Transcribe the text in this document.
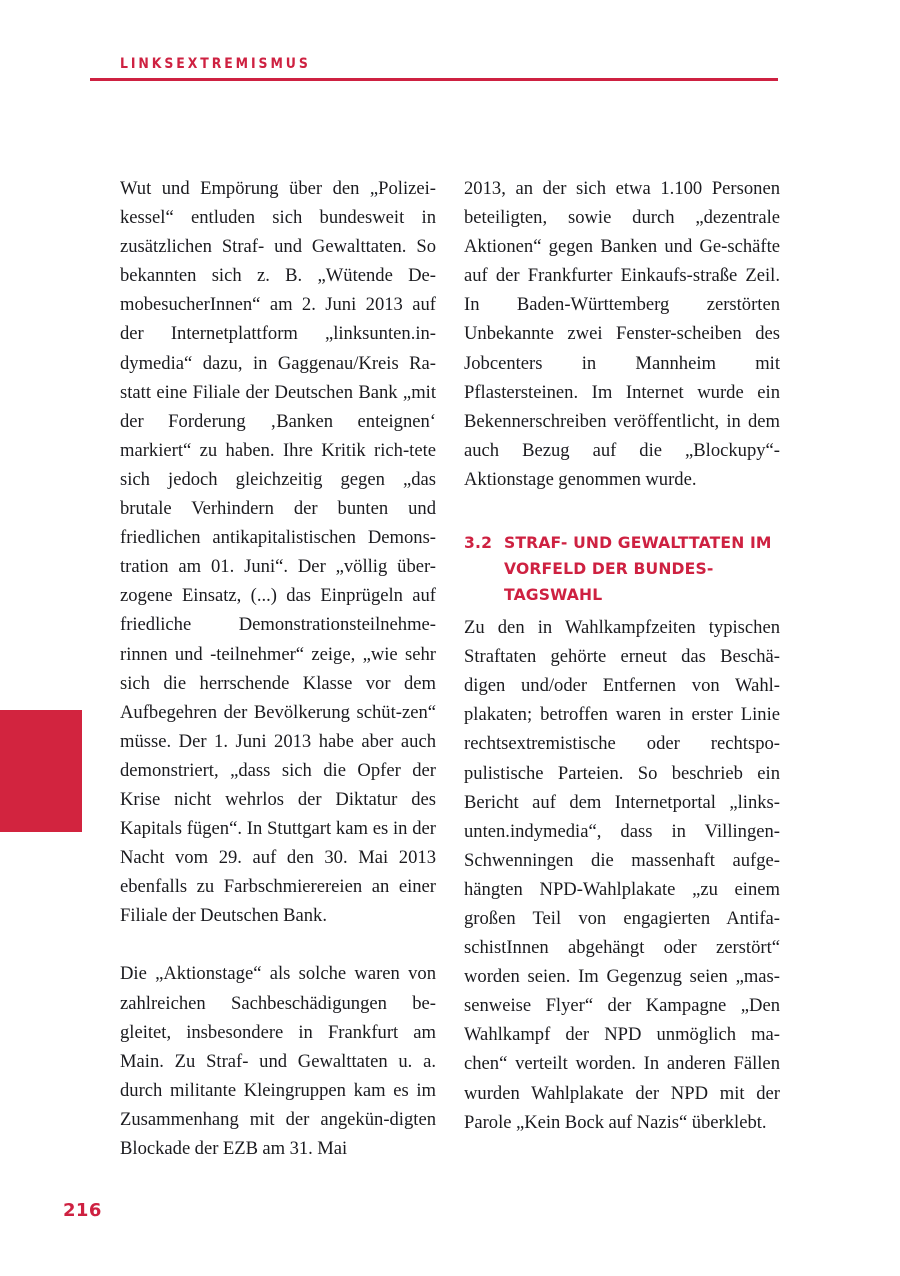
LINKSEXTREMISMUS

Wut und Empörung über den „Polizei-kessel“ entluden sich bundesweit in zusätzlichen Straf- und Gewalttaten. So bekannten sich z. B. „Wütende De-mobesucherInnen“ am 2. Juni 2013 auf der Internetplattform „linksunten.in-dymedia“ dazu, in Gaggenau/Kreis Ra-statt eine Filiale der Deutschen Bank „mit der Forderung ‚Banken enteignen‘ markiert“ zu haben. Ihre Kritik rich-tete sich jedoch gleichzeitig gegen „das brutale Verhindern der bunten und friedlichen antikapitalistischen Demons-tration am 01. Juni“. Der „völlig über-zogene Einsatz, (...) das Einprügeln auf friedliche Demonstrationsteilnehme-rinnen und -teilnehmer“ zeige, „wie sehr sich die herrschende Klasse vor dem Aufbegehren der Bevölkerung schüt-zen“ müsse. Der 1. Juni 2013 habe aber auch demonstriert, „dass sich die Opfer der Krise nicht wehrlos der Diktatur des Kapitals fügen“. In Stuttgart kam es in der Nacht vom 29. auf den 30. Mai 2013 ebenfalls zu Farbschmierereien an einer Filiale der Deutschen Bank.

Die „Aktionstage“ als solche waren von zahlreichen Sachbeschädigungen be-gleitet, insbesondere in Frankfurt am Main. Zu Straf- und Gewalttaten u. a. durch militante Kleingruppen kam es im Zusammenhang mit der angekün-digten Blockade der EZB am 31. Mai

2013, an der sich etwa 1.100 Personen beteiligten, sowie durch „dezentrale Aktionen“ gegen Banken und Ge-schäfte auf der Frankfurter Einkaufs-straße Zeil. In Baden-Württemberg zerstörten Unbekannte zwei Fenster-scheiben des Jobcenters in Mannheim mit Pflastersteinen. Im Internet wurde ein Bekennerschreiben veröffentlicht, in dem auch Bezug auf die „Blockupy“-Aktionstage genommen wurde.

3.2 STRAF- UND GEWALTTATEN IM VORFELD DER BUNDES-TAGSWAHL

Zu den in Wahlkampfzeiten typischen Straftaten gehörte erneut das Beschä-digen und/oder Entfernen von Wahl-plakaten; betroffen waren in erster Linie rechtsextremistische oder rechtspo-pulistische Parteien. So beschrieb ein Bericht auf dem Internetportal „links-unten.indymedia“, dass in Villingen-Schwenningen die massenhaft aufge-hängten NPD-Wahlplakate „zu einem großen Teil von engagierten Antifa-schistInnen abgehängt oder zerstört“ worden seien. Im Gegenzug seien „mas-senweise Flyer“ der Kampagne „Den Wahlkampf der NPD unmöglich ma-chen“ verteilt worden. In anderen Fällen wurden Wahlplakate der NPD mit der Parole „Kein Bock auf Nazis“ überklebt.

216
